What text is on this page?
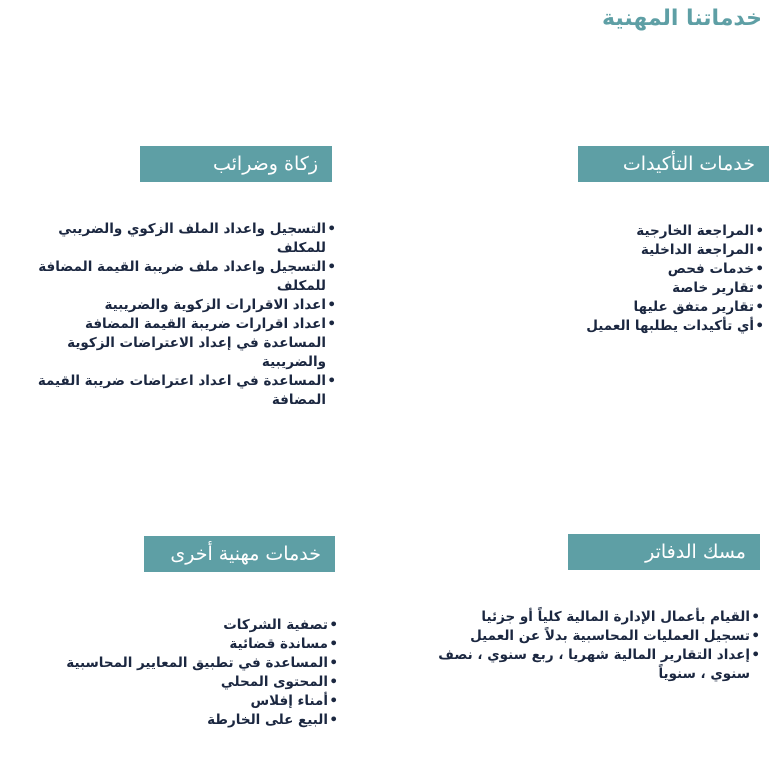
خدماتنا المهنية
خدمات التأكيدات
• المراجعة الخارجية
• المراجعة الداخلية
• خدمات فحص
• تقارير خاصة
• تقارير متفق عليها
• أي تأكيدات يطلبها العميل
زكاة وضرائب
• التسجيل واعداد الملف الزكوي والضريبي للمكلف
• التسجيل واعداد ملف ضريبة القيمة المضافة للمكلف
• اعداد الاقرارات الزكوية والضريبية
• اعداد اقرارات ضريبة القيمة المضافة المساعدة في إعداد الاعتراضات الزكوية والضريبية
• المساعدة في اعداد اعتراضات ضريبة القيمة المضافة
مسك الدفاتر
• القيام بأعمال الإدارة المالية كلياً أو جزئيا
• تسجيل العمليات المحاسبية بدلاً عن العميل
• إعداد التقارير المالية شهريا ، ربع سنوي ، نصف سنوي ، سنوياً
خدمات مهنية أخرى
• تصفية الشركات
• مساندة قضائية
• المساعدة في تطبيق المعايير المحاسبية
• المحتوى المحلي
• أمناء إفلاس
• البيع على الخارطة
